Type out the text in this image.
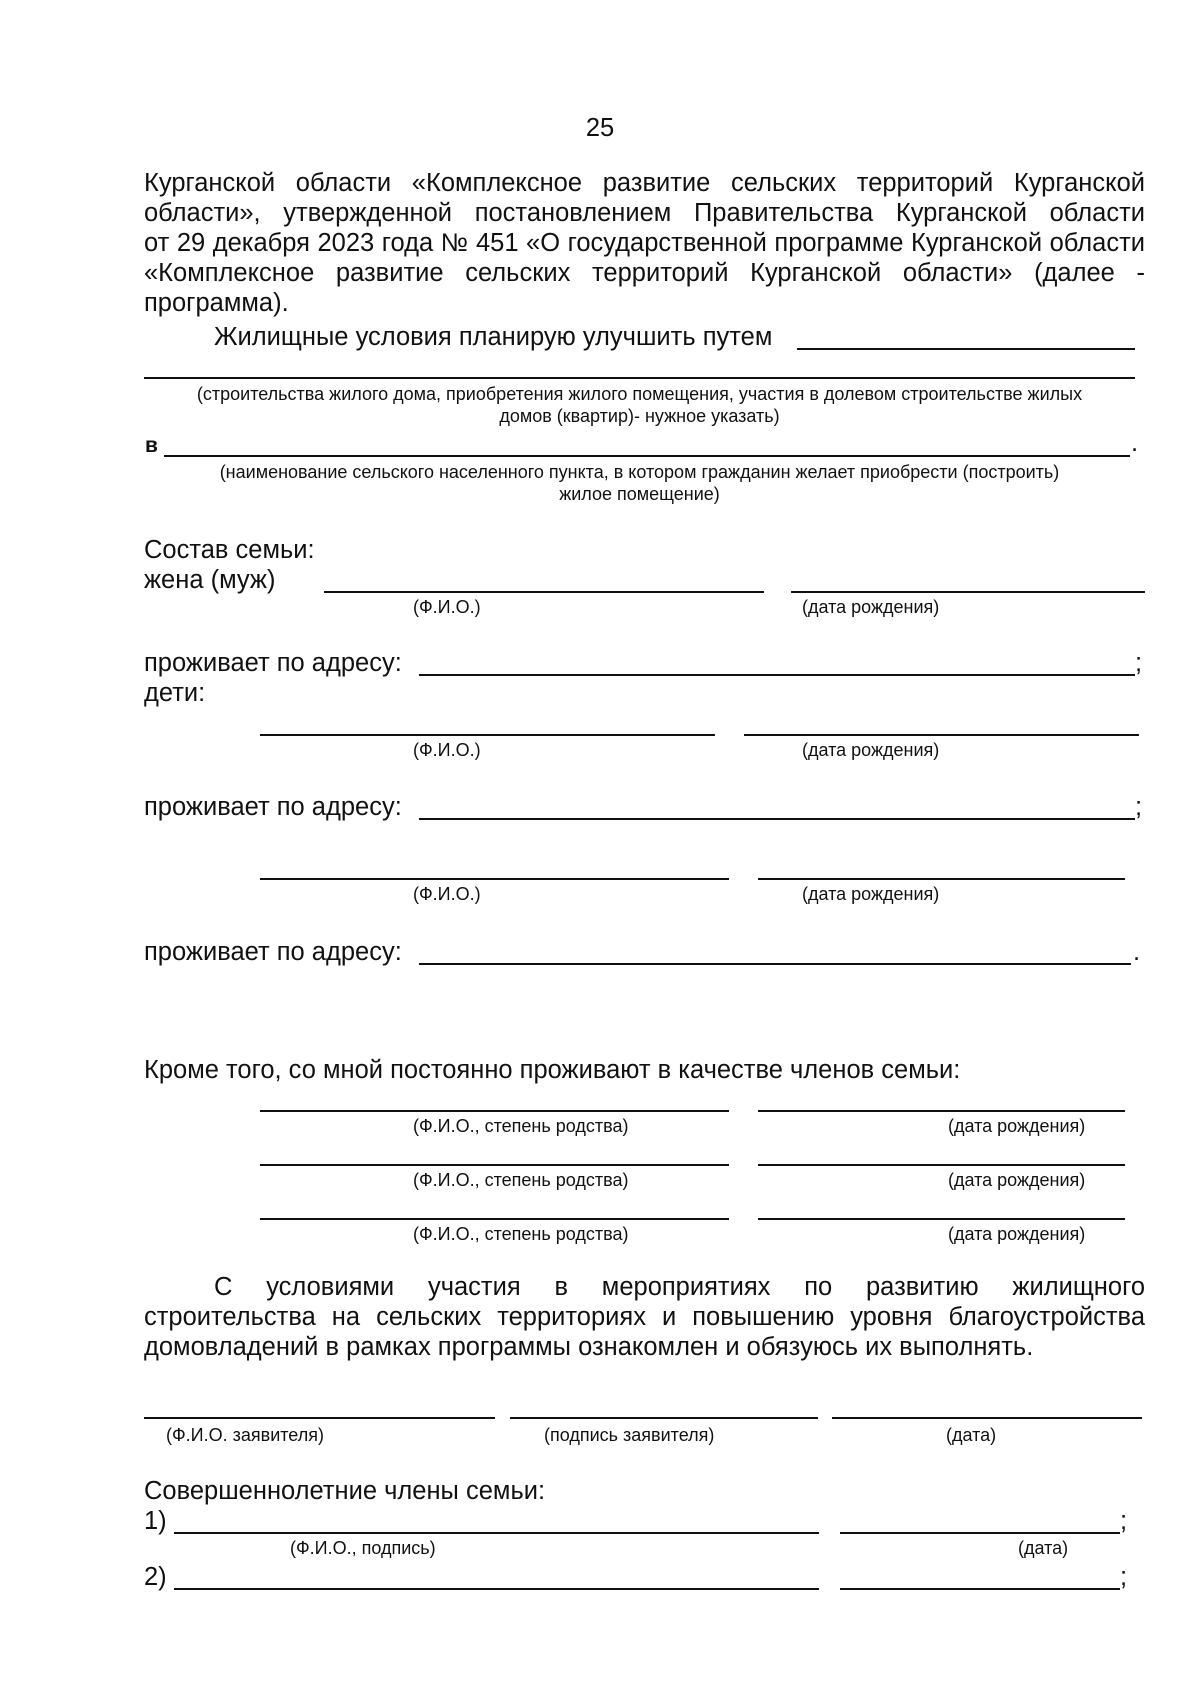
25
Курганской области «Комплексное развитие сельских территорий Курганской
области», утвержденной постановлением Правительства Курганской области
от 29 декабря 2023 года № 451 «О государственной программе Курганской области
«Комплексное развитие сельских территорий Курганской области» (далее -
программа).
Жилищные условия планирую улучшить путем
(строительства жилого дома, приобретения жилого помещения, участия в долевом строительстве жилых
домов (квартир)- нужное указать)
в	.
(наименование сельского населенного пункта, в котором гражданин желает приобрести (построить)
жилое помещение)
Состав семьи:
жена (муж)
(Ф.И.О.)	(дата рождения)
проживает по адресу:	;
дети:
(Ф.И.О.)	(дата рождения)
проживает по адресу:	;
(Ф.И.О.)	(дата рождения)
проживает по адресу:	.
Кроме того, со мной постоянно проживают в качестве членов семьи:
(Ф.И.О., степень родства)	(дата рождения)
(Ф.И.О., степень родства)	(дата рождения)
(Ф.И.О., степень родства)	(дата рождения)
С условиями участия в мероприятиях по развитию жилищного
строительства на сельских территориях и повышению уровня благоустройства
домовладений в рамках программы ознакомлен и обязуюсь их выполнять.
(Ф.И.О. заявителя)	(подпись заявителя)	(дата)
Совершеннолетние члены семьи:
1)	;
(Ф.И.О., подпись)	(дата)
2)	;
